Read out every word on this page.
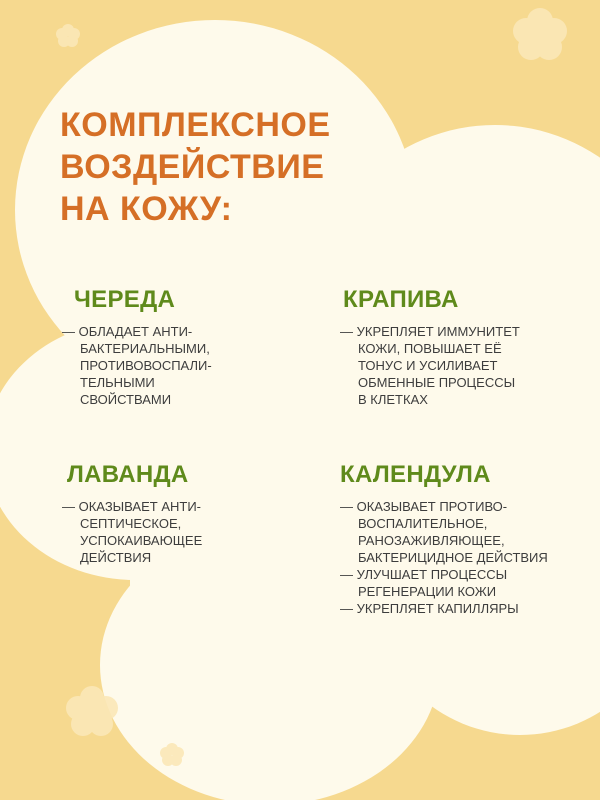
КОМПЛЕКСНОЕ
ВОЗДЕЙСТВИЕ
НА КОЖУ:
ЧЕРЕДА
— ОБЛАДАЕТ АНТИ-
БАКТЕРИАЛЬНЫМИ,
ПРОТИВОВОСПАЛИ-
ТЕЛЬНЫМИ
СВОЙСТВАМИ
КРАПИВА
— УКРЕПЛЯЕТ ИММУНИТЕТ
КОЖИ, ПОВЫШАЕТ ЕЁ
ТОНУС И УСИЛИВАЕТ
ОБМЕННЫЕ ПРОЦЕССЫ
В КЛЕТКАХ
ЛАВАНДА
— ОКАЗЫВАЕТ АНТИ-
СЕПТИЧЕСКОЕ,
УСПОКАИВАЮЩЕЕ
ДЕЙСТВИЯ
КАЛЕНДУЛА
— ОКАЗЫВАЕТ ПРОТИВО-
ВОСПАЛИТЕЛЬНОЕ,
РАНОЗАЖИВЛЯЮЩЕЕ,
БАКТЕРИЦИДНОЕ ДЕЙСТВИЯ
— УЛУЧШАЕТ ПРОЦЕССЫ
РЕГЕНЕРАЦИИ КОЖИ
— УКРЕПЛЯЕТ КАПИЛЛЯРЫ
